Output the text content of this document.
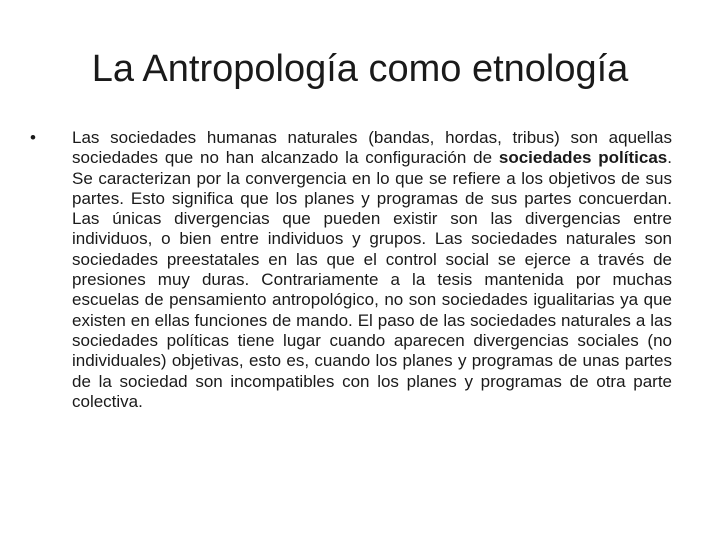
La Antropología como etnología
• Las sociedades humanas naturales (bandas, hordas, tribus) son aquellas sociedades que no han alcanzado la configuración de sociedades políticas. Se caracterizan por la convergencia en lo que se refiere a los objetivos de sus partes. Esto significa que los planes y programas de sus partes concuerdan. Las únicas divergencias que pueden existir son las divergencias entre individuos, o bien entre individuos y grupos. Las sociedades naturales son sociedades preestatales en las que el control social se ejerce a través de presiones muy duras. Contrariamente a la tesis mantenida por muchas escuelas de pensamiento antropológico, no son sociedades igualitarias ya que existen en ellas funciones de mando. El paso de las sociedades naturales a las sociedades políticas tiene lugar cuando aparecen divergencias sociales (no individuales) objetivas, esto es, cuando los planes y programas de unas partes de la sociedad son incompatibles con los planes y programas de otra parte colectiva.
